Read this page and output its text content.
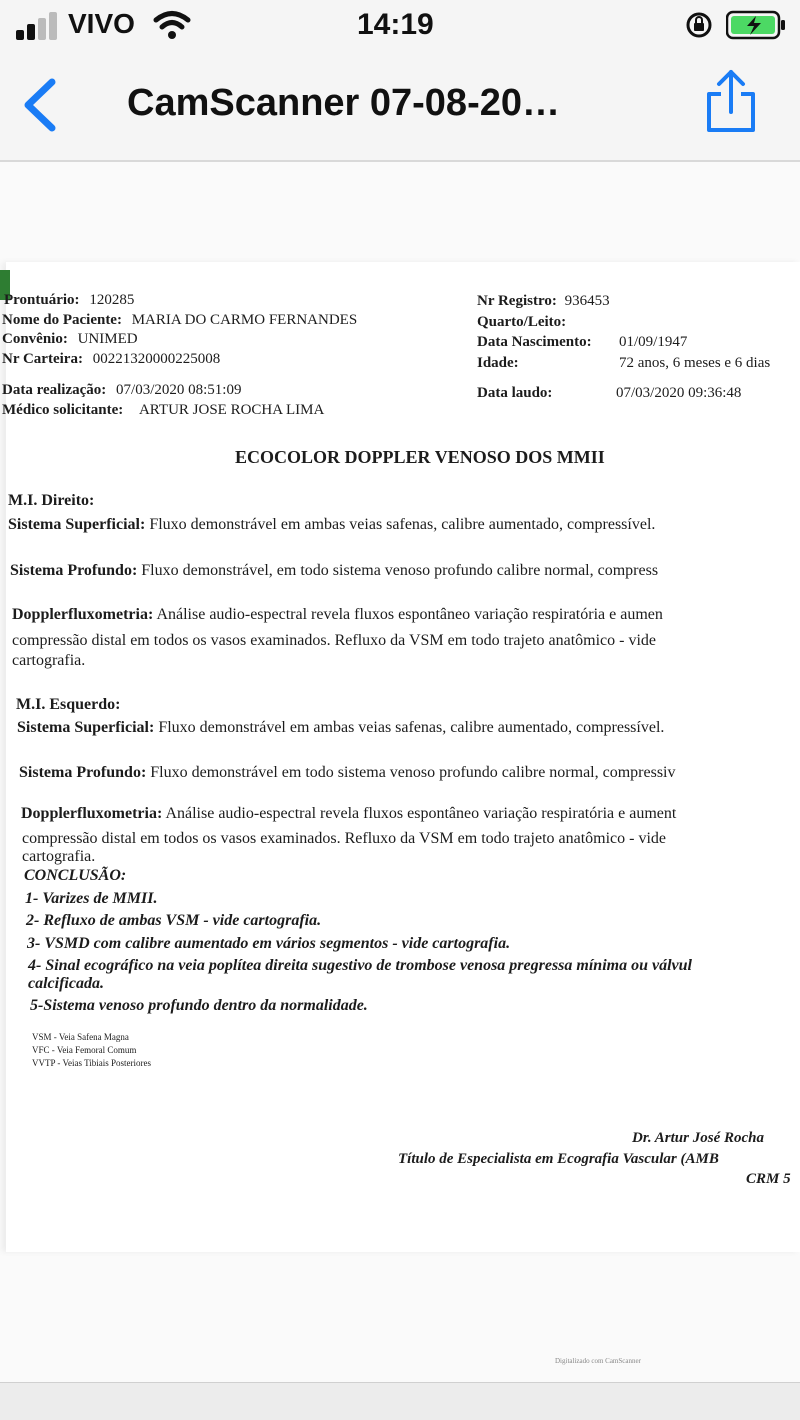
VIVO	14:19
CamScanner 07-08-20…
Prontuário: 120285
Nome do Paciente: MARIA DO CARMO FERNANDES
Convênio: UNIMED
Nr Carteira: 00221320000225008
Data realização: 07/03/2020 08:51:09
Médico solicitante: ARTUR JOSE ROCHA LIMA
Nr Registro: 936453
Quarto/Leito:
Data Nascimento: 01/09/1947
Idade:	72 anos, 6 meses e 6 dias
Data laudo:	07/03/2020 09:36:48
ECOCOLOR DOPPLER VENOSO DOS MMII
M.I. Direito:
Sistema Superficial: Fluxo demonstrável em ambas veias safenas, calibre aumentado, compressível.
Sistema Profundo: Fluxo demonstrável, em todo sistema venoso profundo calibre normal, compress
Dopplerfluxometria: Análise audio-espectral revela fluxos espontâneo variação respiratória e aumen
compressão distal em todos os vasos examinados. Refluxo da VSM em todo trajeto anatômico - vide
cartografia.
M.I. Esquerdo:
Sistema Superficial: Fluxo demonstrável em ambas veias safenas, calibre aumentado, compressível.
Sistema Profundo: Fluxo demonstrável em todo sistema venoso profundo calibre normal, compressiv
Dopplerfluxometria: Análise audio-espectral revela fluxos espontâneo variação respiratória e aument
compressão distal em todos os vasos examinados. Refluxo da VSM em todo trajeto anatômico - vide
cartografia.
CONCLUSÃO:
1- Varizes de MMII.
2- Refluxo de ambas VSM - vide cartografia.
3- VSMD com calibre aumentado em vários segmentos - vide cartografia.
4- Sinal ecográfico na veia poplítea direita sugestivo de trombose venosa pregressa mínima ou válvul
calcificada.
5-Sistema venoso profundo dentro da normalidade.
VSM - Veia Safena Magna
VFC - Veia Femoral Comum
VVTP - Veias Tibiais Posteriores
Dr. Artur José Rocha
Título de Especialista em Ecografia Vascular (AMB
CRM 5
Digitalizado com CamScanner
